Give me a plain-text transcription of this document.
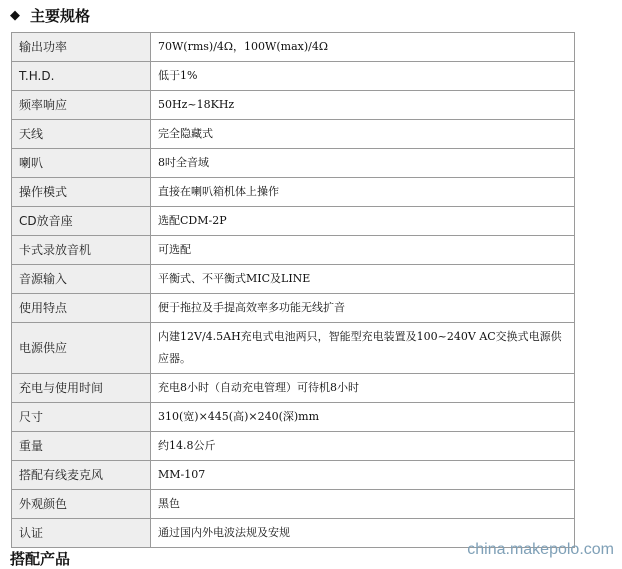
◆ 主要规格
输出功率	70W(rms)/4Ω，100W(max)/4Ω
T.H.D.	低于1%
频率响应	50Hz~18KHz
天线	完全隐藏式
喇叭	8吋全音域
操作模式	直接在喇叭箱机体上操作
CD放音座	选配CDM-2P
卡式录放音机	可选配
音源输入	平衡式、不平衡式MIC及LINE
使用特点	便于拖拉及手提高效率多功能无线扩音
电源供应	内建12V/4.5AH充电式电池两只，智能型充电装置及100~240V AC交换式电源供应器。
充电与使用时间	充电8小时（自动充电管理）可待机8小时
尺寸	310(宽)×445(高)×240(深)mm
重量	约14.8公斤
搭配有线麦克风	MM-107
外观颜色	黑色
认证	通过国内外电波法规及安规
搭配产品
china.makepolo.com
